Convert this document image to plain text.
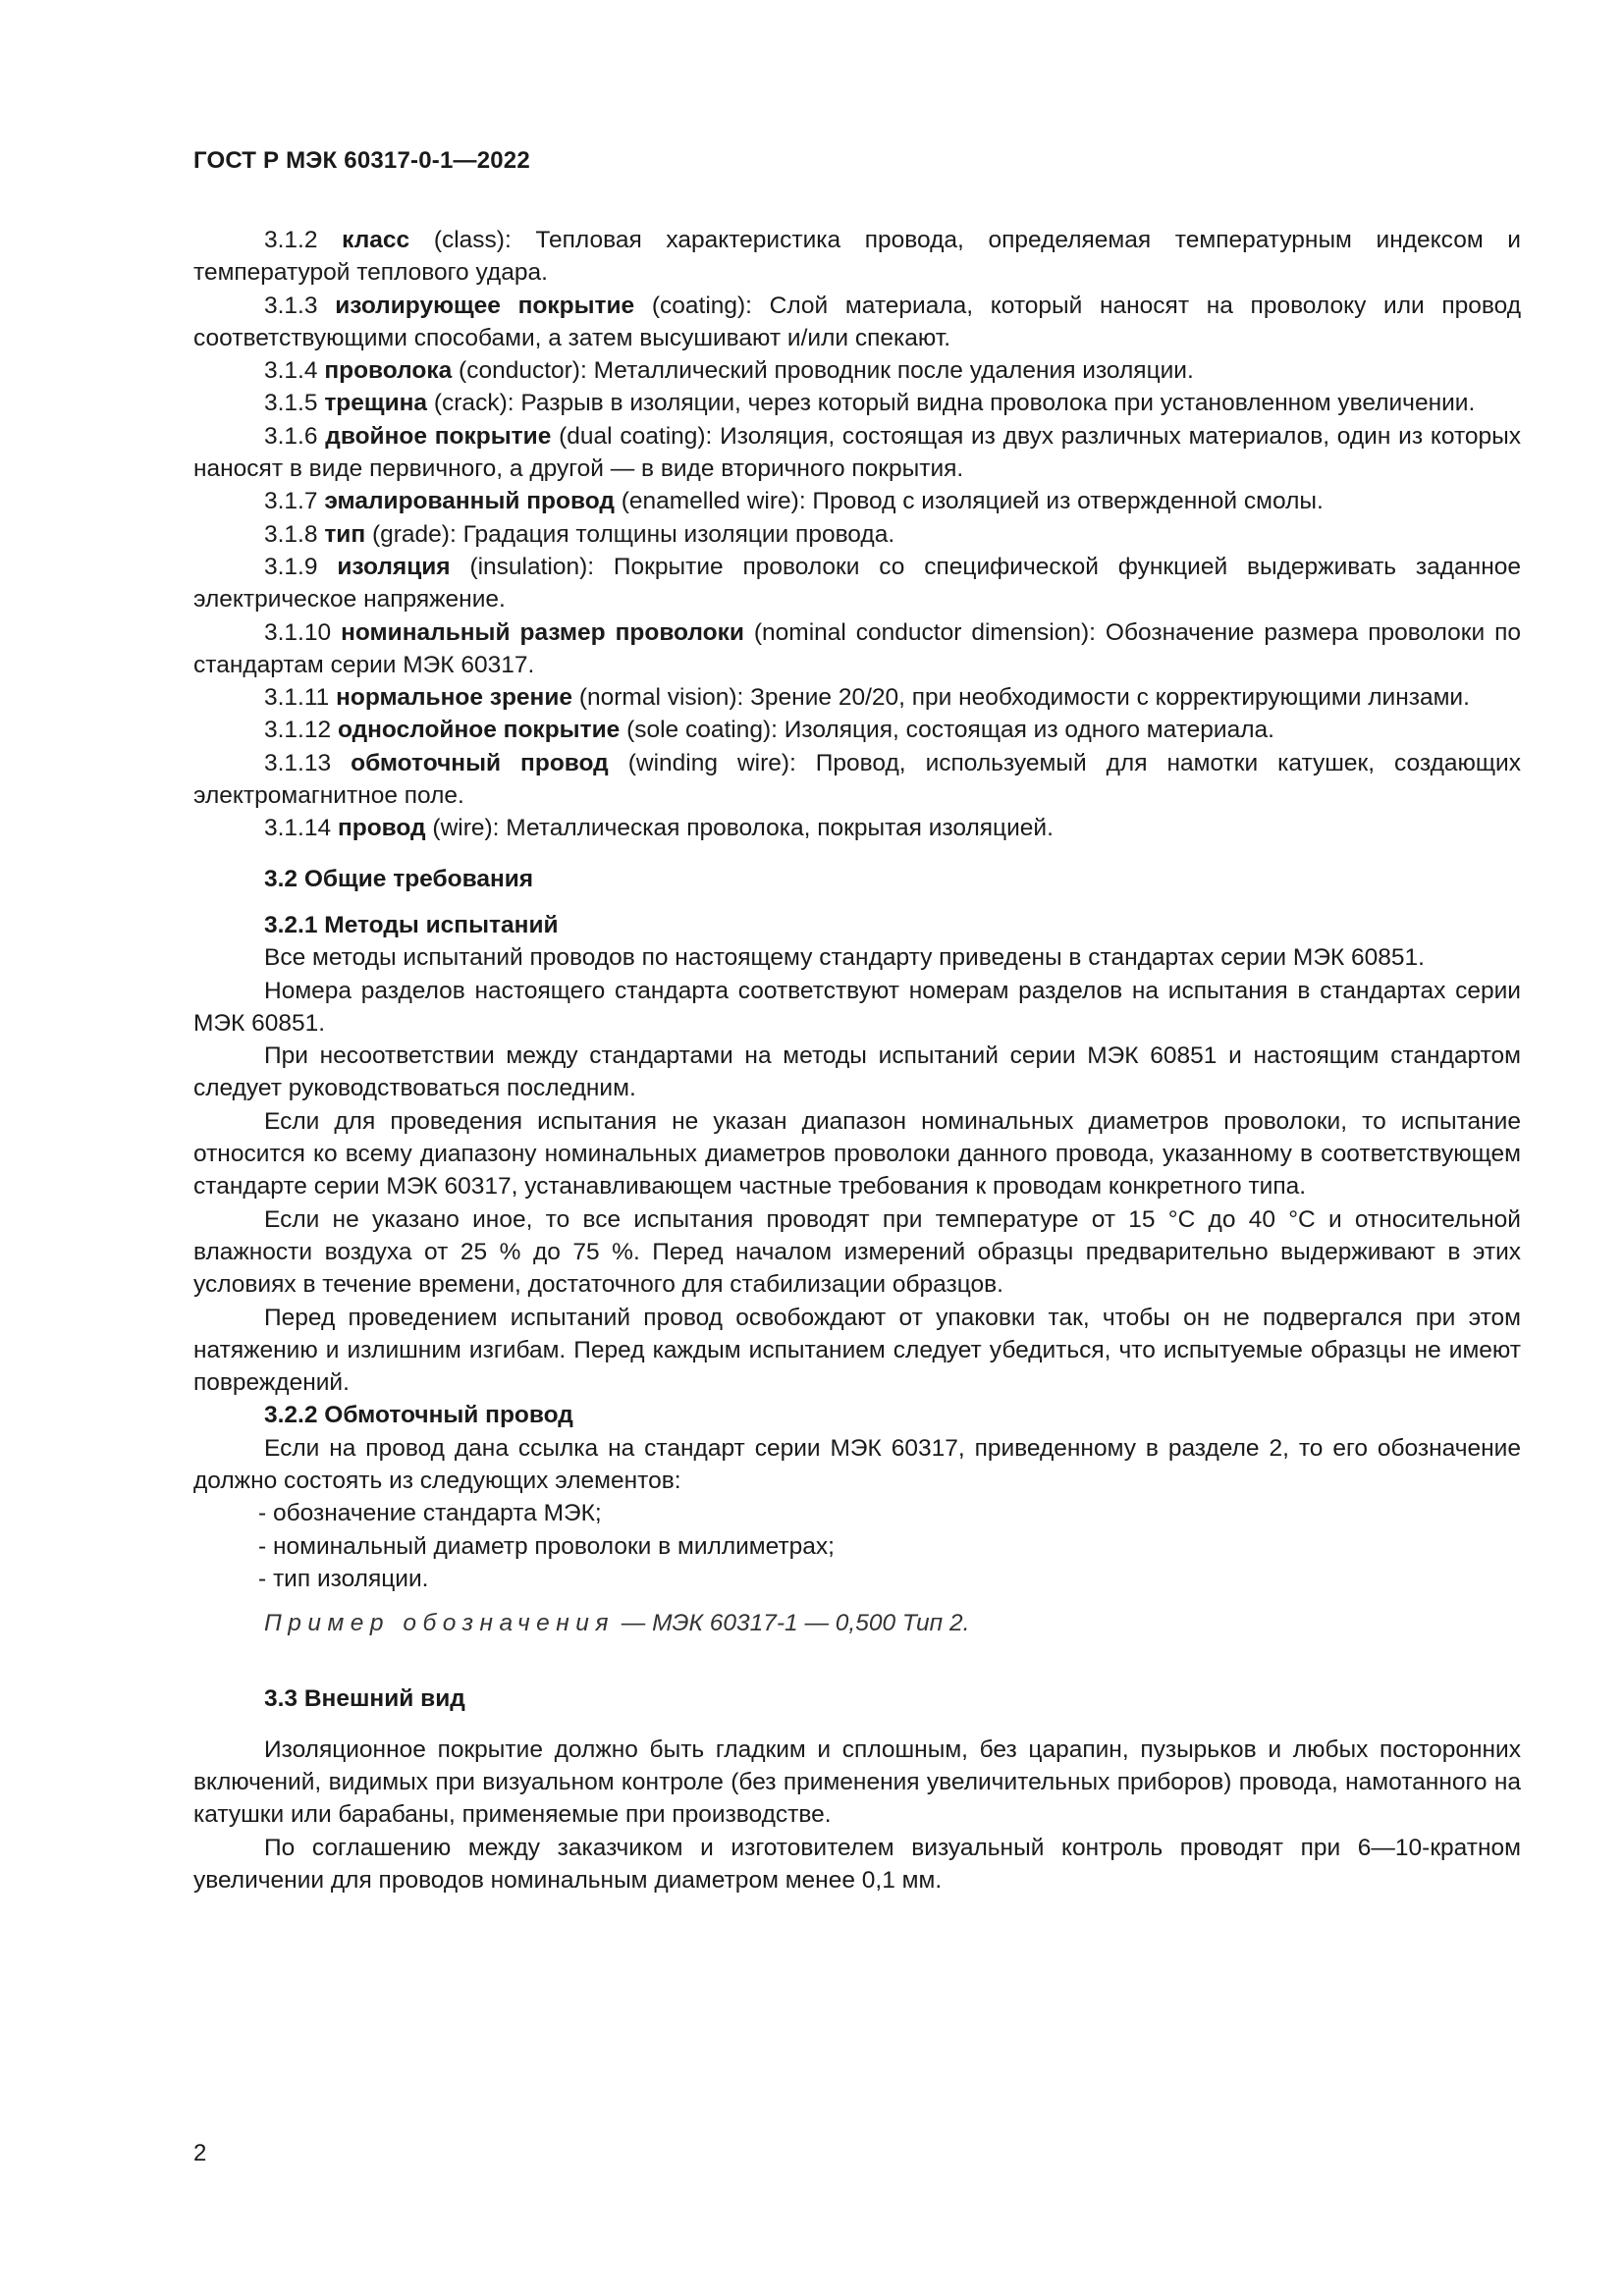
ГОСТ Р МЭК 60317-0-1—2022

3.1.2 класс (class): Тепловая характеристика провода, определяемая температурным индексом и температурой теплового удара.

3.1.3 изолирующее покрытие (coating): Слой материала, который наносят на проволоку или провод соответствующими способами, а затем высушивают и/или спекают.

3.1.4 проволока (conductor): Металлический проводник после удаления изоляции.

3.1.5 трещина (crack): Разрыв в изоляции, через который видна проволока при установленном увеличении.

3.1.6 двойное покрытие (dual coating): Изоляция, состоящая из двух различных материалов, один из которых наносят в виде первичного, а другой — в виде вторичного покрытия.

3.1.7 эмалированный провод (enamelled wire): Провод с изоляцией из отвержденной смолы.

3.1.8 тип (grade): Градация толщины изоляции провода.

3.1.9 изоляция (insulation): Покрытие проволоки со специфической функцией выдерживать заданное электрическое напряжение.

3.1.10 номинальный размер проволоки (nominal conductor dimension): Обозначение размера проволоки по стандартам серии МЭК 60317.

3.1.11 нормальное зрение (normal vision): Зрение 20/20, при необходимости с корректирующими линзами.

3.1.12 однослойное покрытие (sole coating): Изоляция, состоящая из одного материала.

3.1.13 обмоточный провод (winding wire): Провод, используемый для намотки катушек, создающих электромагнитное поле.

3.1.14 провод (wire): Металлическая проволока, покрытая изоляцией.

3.2 Общие требования

3.2.1 Методы испытаний

Все методы испытаний проводов по настоящему стандарту приведены в стандартах серии МЭК 60851.

Номера разделов настоящего стандарта соответствуют номерам разделов на испытания в стандартах серии МЭК 60851.

При несоответствии между стандартами на методы испытаний серии МЭК 60851 и настоящим стандартом следует руководствоваться последним.

Если для проведения испытания не указан диапазон номинальных диаметров проволоки, то испытание относится ко всему диапазону номинальных диаметров проволоки данного провода, указанному в соответствующем стандарте серии МЭК 60317, устанавливающем частные требования к проводам конкретного типа.

Если не указано иное, то все испытания проводят при температуре от 15 °С до 40 °С и относительной влажности воздуха от 25 % до 75 %. Перед началом измерений образцы предварительно выдерживают в этих условиях в течение времени, достаточного для стабилизации образцов.

Перед проведением испытаний провод освобождают от упаковки так, чтобы он не подвергался при этом натяжению и излишним изгибам. Перед каждым испытанием следует убедиться, что испытуемые образцы не имеют повреждений.

3.2.2 Обмоточный провод

Если на провод дана ссылка на стандарт серии МЭК 60317, приведенному в разделе 2, то его обозначение должно состоять из следующих элементов:

- обозначение стандарта МЭК;

- номинальный диаметр проволоки в миллиметрах;

- тип изоляции.

Пример обозначения — МЭК 60317-1 — 0,500 Тип 2.

3.3 Внешний вид

Изоляционное покрытие должно быть гладким и сплошным, без царапин, пузырьков и любых посторонних включений, видимых при визуальном контроле (без применения увеличительных приборов) провода, намотанного на катушки или барабаны, применяемые при производстве.

По соглашению между заказчиком и изготовителем визуальный контроль проводят при 6—10-кратном увеличении для проводов номинальным диаметром менее 0,1 мм.

2
